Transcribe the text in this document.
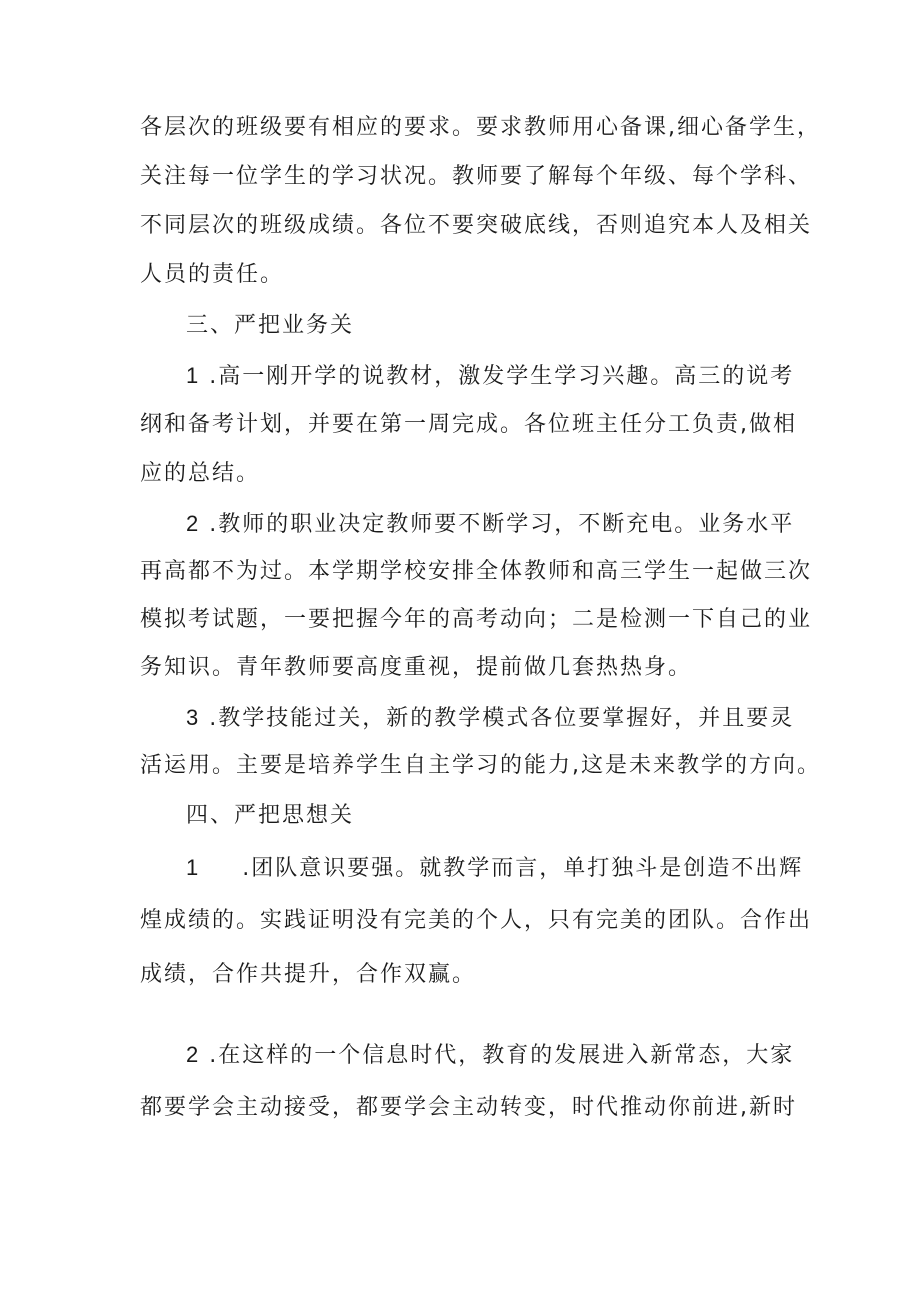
各层次的班级要有相应的要求。要求教师用心备课,细心备学生，
关注每一位学生的学习状况。教师要了解每个年级、每个学科、
不同层次的班级成绩。各位不要突破底线，否则追究本人及相关
人员的责任。
三、严把业务关
1 .高一刚开学的说教材，激发学生学习兴趣。高三的说考
纲和备考计划，并要在第一周完成。各位班主任分工负责,做相
应的总结。
2 .教师的职业决定教师要不断学习，不断充电。业务水平
再高都不为过。本学期学校安排全体教师和高三学生一起做三次
模拟考试题，一要把握今年的高考动向；二是检测一下自己的业
务知识。青年教师要高度重视，提前做几套热热身。
3 .教学技能过关，新的教学模式各位要掌握好，并且要灵
活运用。主要是培养学生自主学习的能力,这是未来教学的方向。
四、严把思想关
1 .团队意识要强。就教学而言，单打独斗是创造不出辉
煌成绩的。实践证明没有完美的个人，只有完美的团队。合作出
成绩，合作共提升，合作双赢。
2 .在这样的一个信息时代，教育的发展进入新常态，大家
都要学会主动接受，都要学会主动转变，时代推动你前进,新时
